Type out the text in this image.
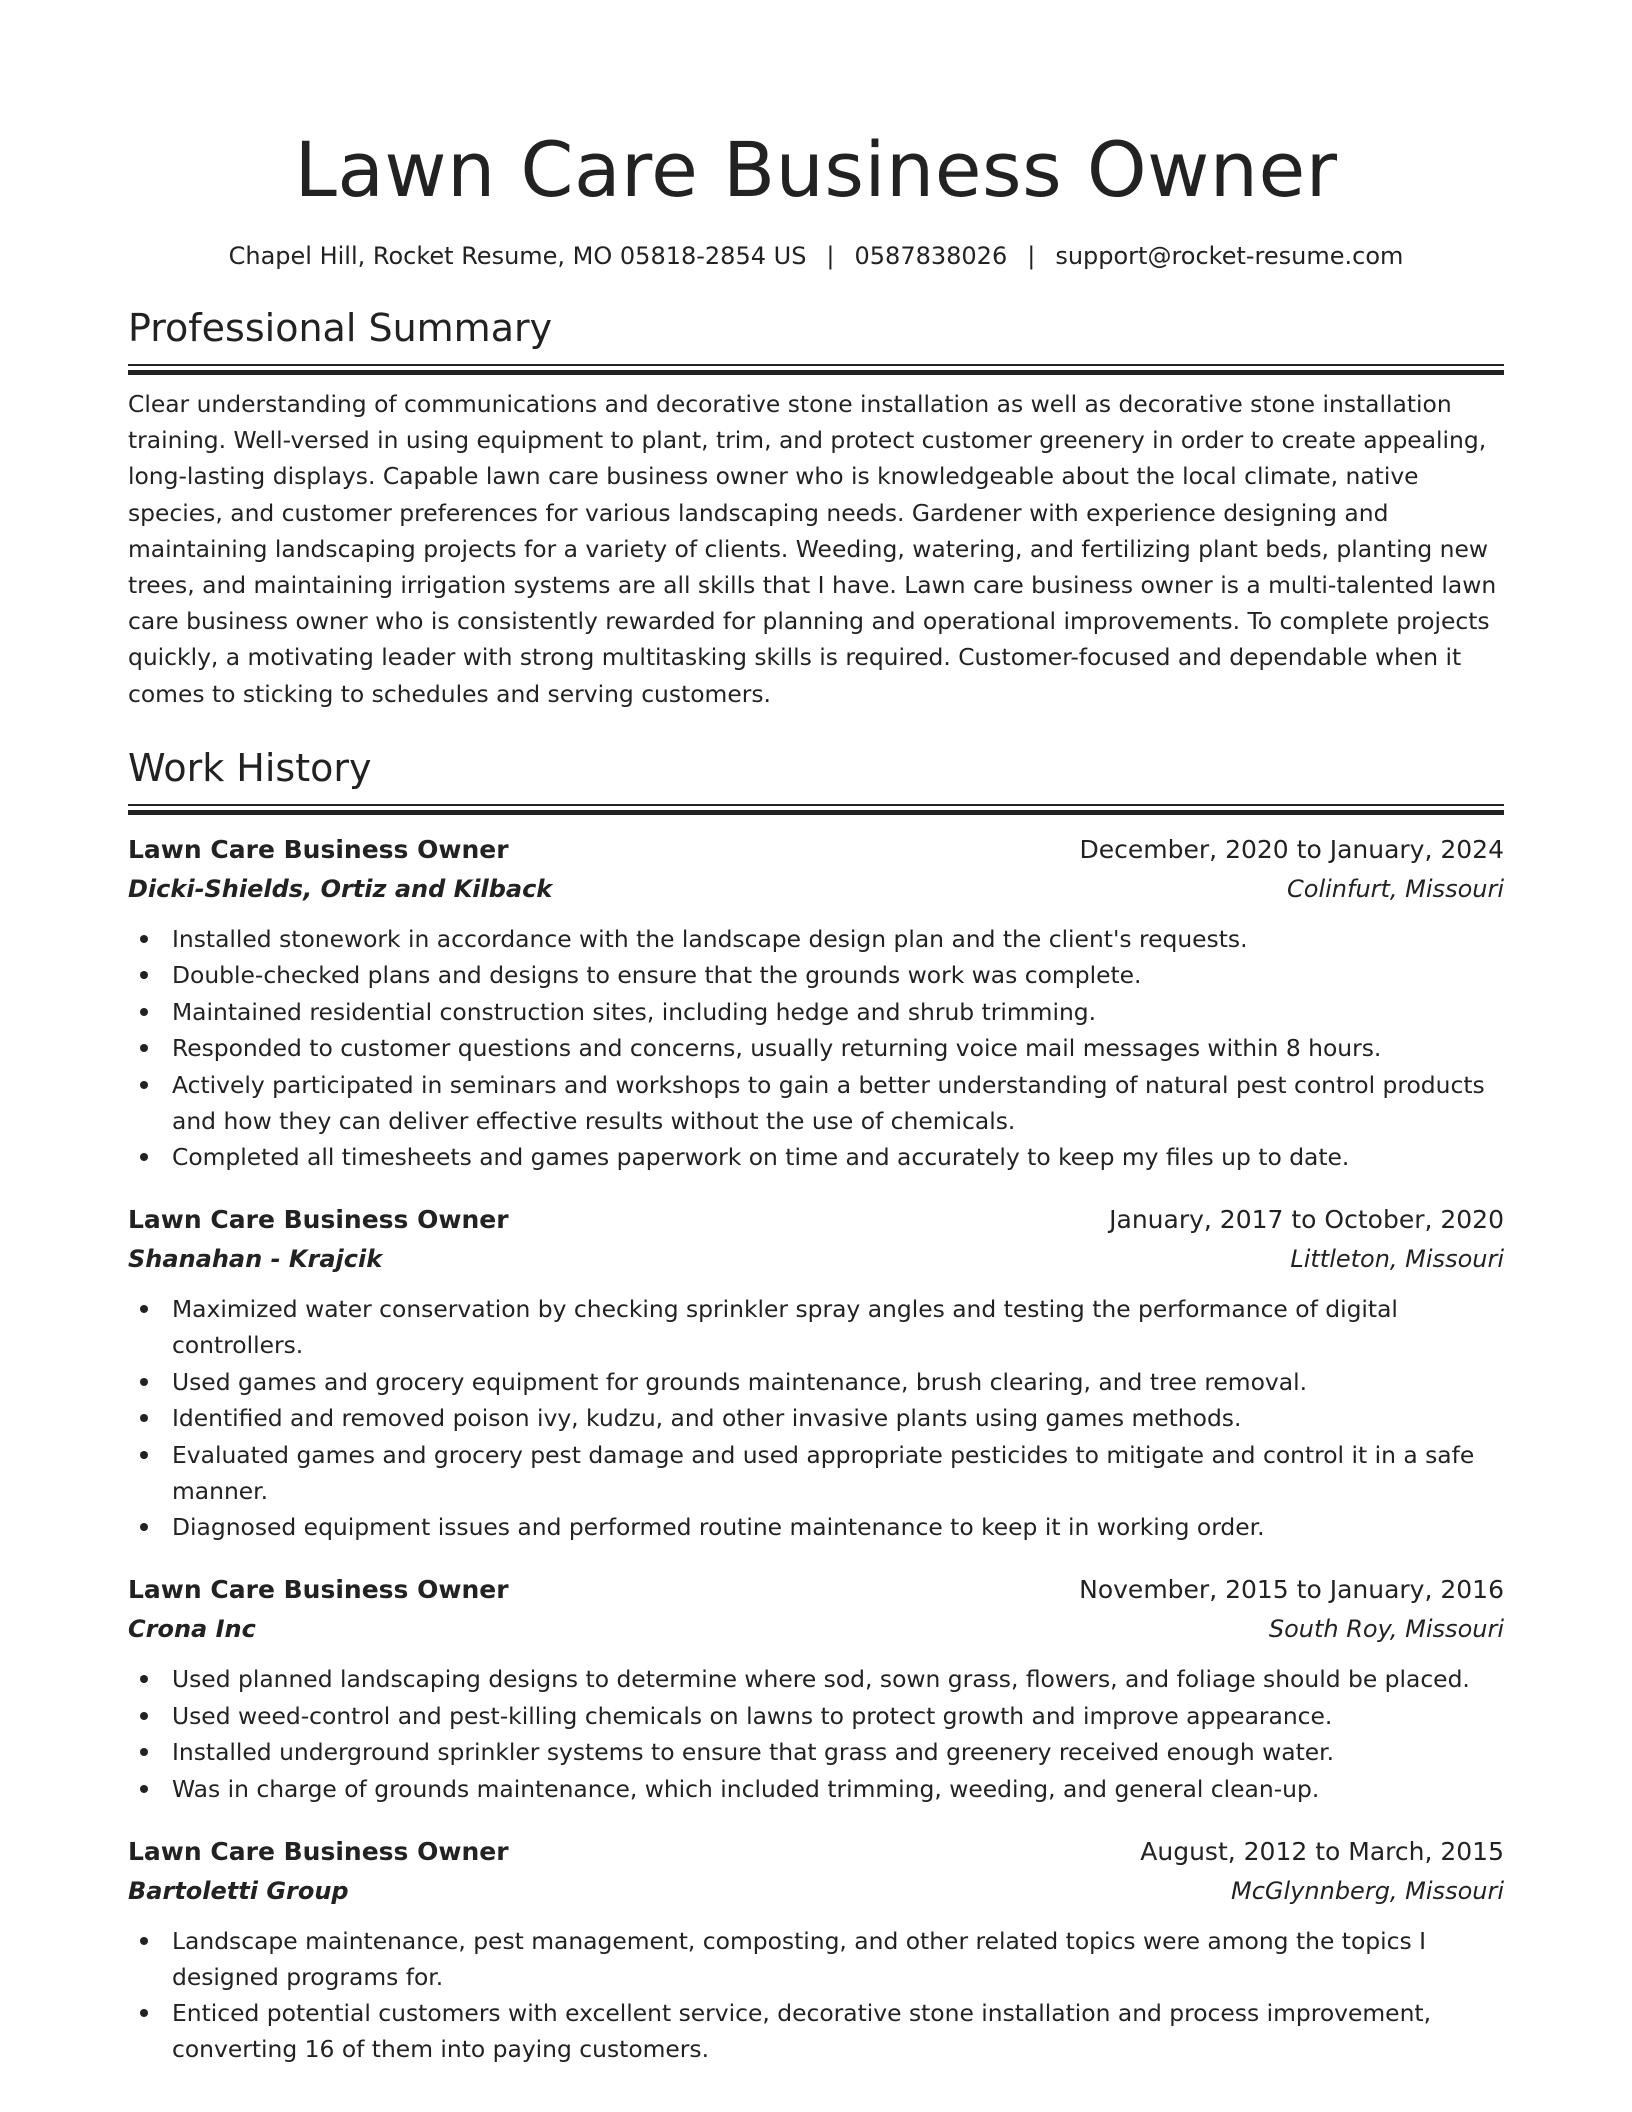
Lawn Care Business Owner
Chapel Hill, Rocket Resume, MO 05818-2854 US | 0587838026 | support@rocket-resume.com
Professional Summary

Clear understanding of communications and decorative stone installation as well as decorative stone installation training. Well-versed in using equipment to plant, trim, and protect customer greenery in order to create appealing, long-lasting displays. Capable lawn care business owner who is knowledgeable about the local climate, native species, and customer preferences for various landscaping needs. Gardener with experience designing and maintaining landscaping projects for a variety of clients. Weeding, watering, and fertilizing plant beds, planting new trees, and maintaining irrigation systems are all skills that I have. Lawn care business owner is a multi-talented lawn care business owner who is consistently rewarded for planning and operational improvements. To complete projects quickly, a motivating leader with strong multitasking skills is required. Customer-focused and dependable when it comes to sticking to schedules and serving customers.

Work History
Lawn Care Business Owner	December, 2020 to January, 2024
Dicki-Shields, Ortiz and Kilback	Colinfurt, Missouri
Installed stonework in accordance with the landscape design plan and the client's requests.
Double-checked plans and designs to ensure that the grounds work was complete.
Maintained residential construction sites, including hedge and shrub trimming.
Responded to customer questions and concerns, usually returning voice mail messages within 8 hours.
Actively participated in seminars and workshops to gain a better understanding of natural pest control products and how they can deliver effective results without the use of chemicals.
Completed all timesheets and games paperwork on time and accurately to keep my files up to date.
Lawn Care Business Owner	January, 2017 to October, 2020
Shanahan - Krajcik	Littleton, Missouri
Maximized water conservation by checking sprinkler spray angles and testing the performance of digital controllers.
Used games and grocery equipment for grounds maintenance, brush clearing, and tree removal.
Identified and removed poison ivy, kudzu, and other invasive plants using games methods.
Evaluated games and grocery pest damage and used appropriate pesticides to mitigate and control it in a safe manner.
Diagnosed equipment issues and performed routine maintenance to keep it in working order.
Lawn Care Business Owner	November, 2015 to January, 2016
Crona Inc	South Roy, Missouri
Used planned landscaping designs to determine where sod, sown grass, flowers, and foliage should be placed.
Used weed-control and pest-killing chemicals on lawns to protect growth and improve appearance.
Installed underground sprinkler systems to ensure that grass and greenery received enough water.
Was in charge of grounds maintenance, which included trimming, weeding, and general clean-up.
Lawn Care Business Owner	August, 2012 to March, 2015
Bartoletti Group	McGlynnberg, Missouri
Landscape maintenance, pest management, composting, and other related topics were among the topics I designed programs for.
Enticed potential customers with excellent service, decorative stone installation and process improvement, converting 16 of them into paying customers.
